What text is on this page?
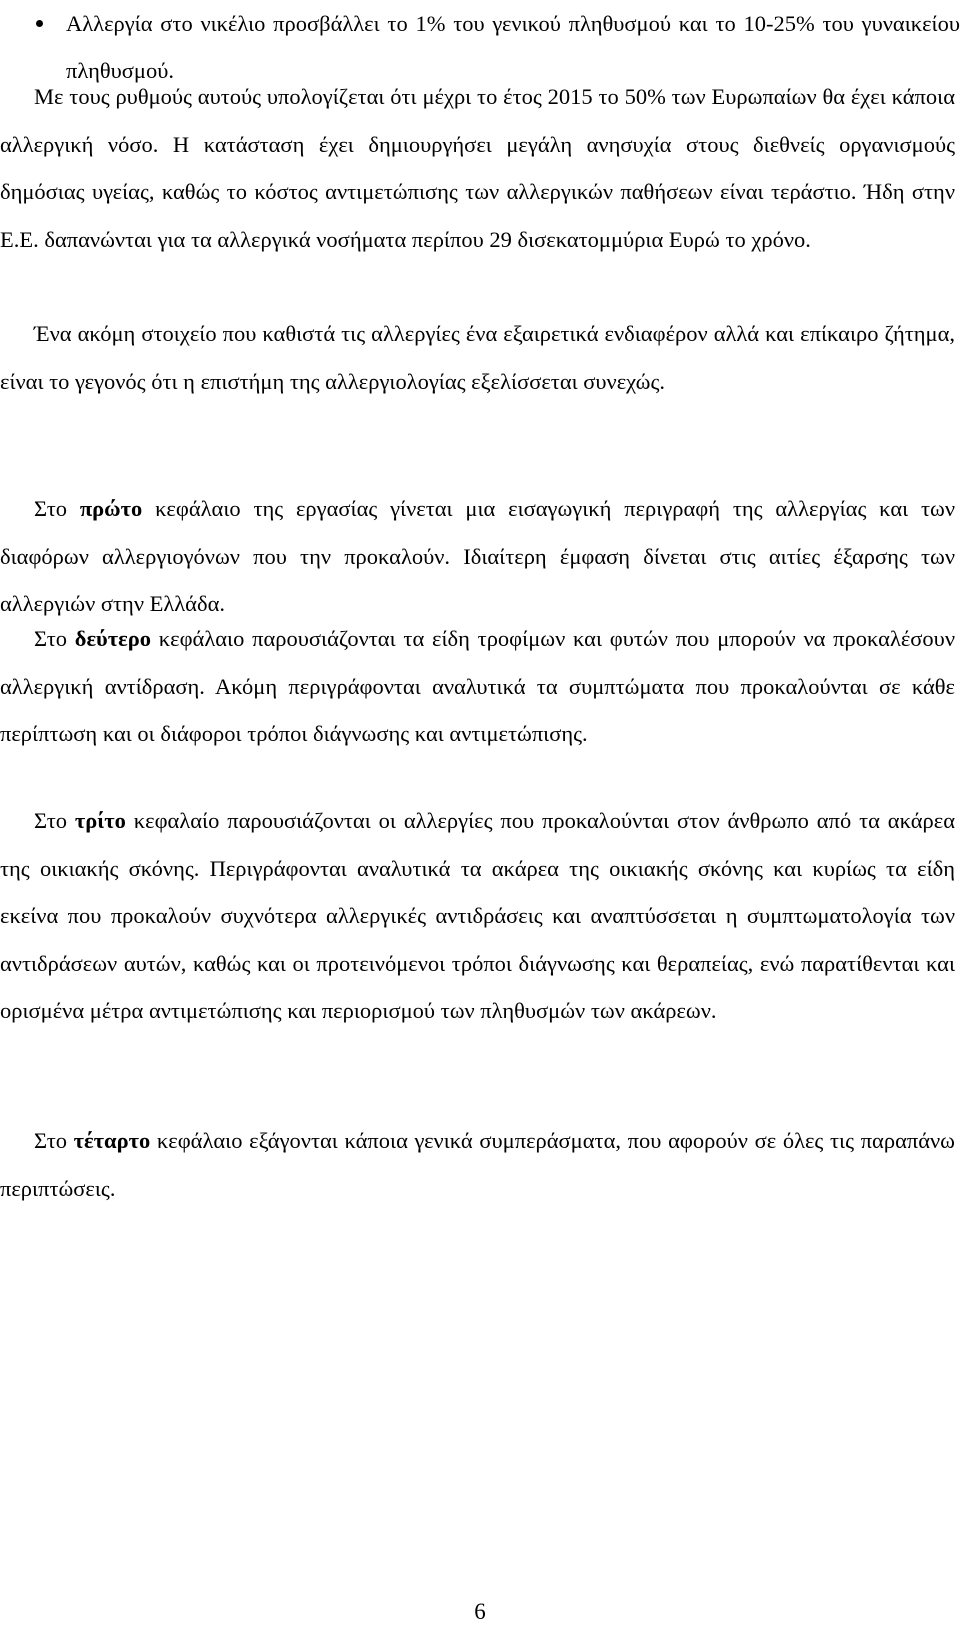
Αλλεργία στο νικέλιο προσβάλλει το 1% του γενικού πληθυσμού και το 10-25% του γυναικείου πληθυσμού.

Με τους ρυθμούς αυτούς υπολογίζεται ότι μέχρι το έτος 2015 το 50% των Ευρωπαίων θα έχει κάποια αλλεργική νόσο. Η κατάσταση έχει δημιουργήσει μεγάλη ανησυχία στους διεθνείς οργανισμούς δημόσιας υγείας, καθώς το κόστος αντιμετώπισης των αλλεργικών παθήσεων είναι τεράστιο. Ήδη στην Ε.Ε. δαπανώνται για τα αλλεργικά νοσήματα περίπου 29 δισεκατομμύρια Ευρώ το χρόνο.

Ένα ακόμη στοιχείο που καθιστά τις αλλεργίες ένα εξαιρετικά ενδιαφέρον αλλά και επίκαιρο ζήτημα, είναι το γεγονός ότι η επιστήμη της αλλεργιολογίας εξελίσσεται συνεχώς.

Στο πρώτο κεφάλαιο της εργασίας γίνεται μια εισαγωγική περιγραφή της αλλεργίας και των διαφόρων αλλεργιογόνων που την προκαλούν. Ιδιαίτερη έμφαση δίνεται στις αιτίες έξαρσης των αλλεργιών στην Ελλάδα.

Στο δεύτερο κεφάλαιο παρουσιάζονται τα είδη τροφίμων και φυτών που μπορούν να προκαλέσουν αλλεργική αντίδραση. Ακόμη περιγράφονται αναλυτικά τα συμπτώματα που προκαλούνται σε κάθε περίπτωση και οι διάφοροι τρόποι διάγνωσης και αντιμετώπισης.

Στο τρίτο κεφαλαίο παρουσιάζονται οι αλλεργίες που προκαλούνται στον άνθρωπο από τα ακάρεα της οικιακής σκόνης. Περιγράφονται αναλυτικά τα ακάρεα της οικιακής σκόνης και κυρίως τα είδη εκείνα που προκαλούν συχνότερα αλλεργικές αντιδράσεις και αναπτύσσεται η συμπτωματολογία των αντιδράσεων αυτών, καθώς και οι προτεινόμενοι τρόποι διάγνωσης και θεραπείας, ενώ παρατίθενται και ορισμένα μέτρα αντιμετώπισης και περιορισμού των πληθυσμών των ακάρεων.

Στο τέταρτο κεφάλαιο εξάγονται κάποια γενικά συμπεράσματα, που αφορούν σε όλες τις παραπάνω περιπτώσεις.

6
